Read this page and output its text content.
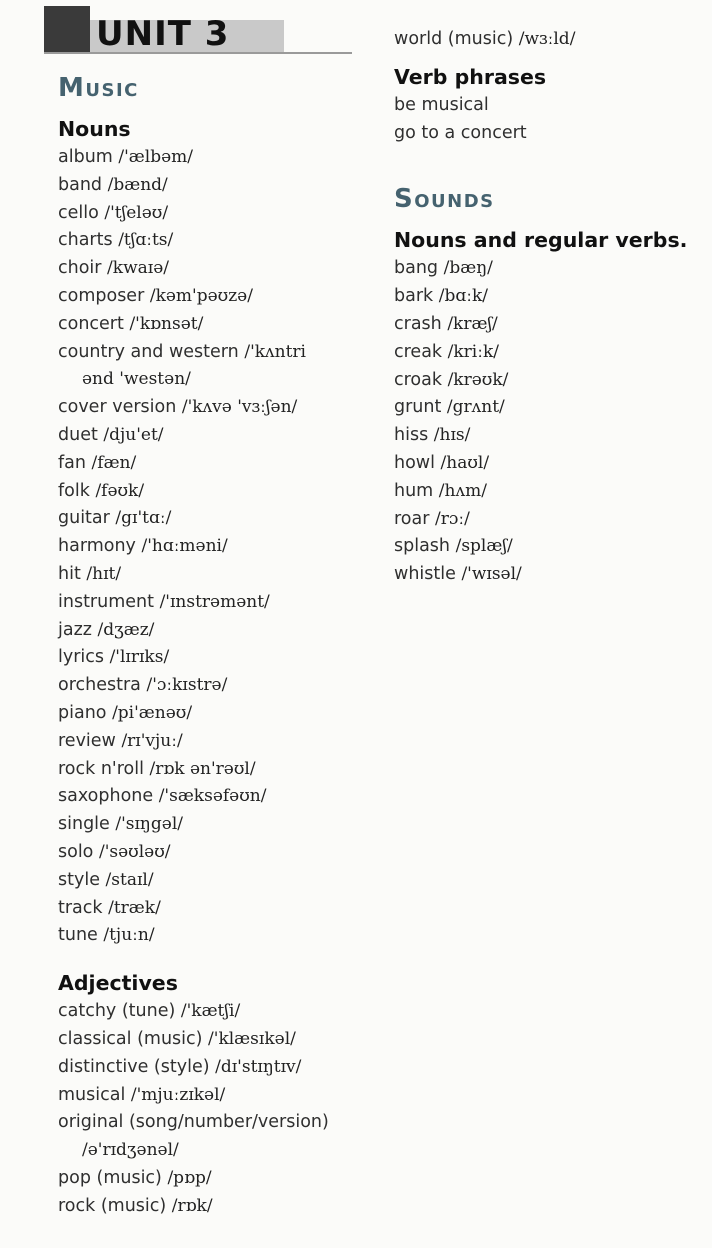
UNIT 3
Music
Nouns
album /'ælbəm/
band /bænd/
cello /'tʃeləʊ/
charts /tʃɑːts/
choir /kwaɪə/
composer /kəm'pəʊzə/
concert /'kɒnsət/
country and western /'kʌntri
ənd 'westən/
cover version /'kʌvə 'vɜːʃən/
duet /dju'et/
fan /fæn/
folk /fəʊk/
guitar /gɪ'tɑː/
harmony /'hɑːməni/
hit /hɪt/
instrument /'ɪnstrəmənt/
jazz /dʒæz/
lyrics /'lɪrɪks/
orchestra /'ɔːkɪstrə/
piano /pi'ænəʊ/
review /rɪ'vjuː/
rock n'roll /rɒk ən'rəʊl/
saxophone /'sæksəfəʊn/
single /'sɪŋgəl/
solo /'səʊləʊ/
style /staɪl/
track /træk/
tune /tjuːn/
Adjectives
catchy (tune) /'kætʃi/
classical (music) /'klæsɪkəl/
distinctive (style) /dɪ'stɪŋtɪv/
musical /'mjuːzɪkəl/
original (song/number/version)
/ə'rɪdʒənəl/
pop (music) /pɒp/
rock (music) /rɒk/
world (music) /wɜːld/
Verb phrases
be musical
go to a concert
Sounds
Nouns and regular verbs.
bang /bæŋ/
bark /bɑːk/
crash /kræʃ/
creak /kriːk/
croak /krəʊk/
grunt /grʌnt/
hiss /hɪs/
howl /haʊl/
hum /hʌm/
roar /rɔː/
splash /splæʃ/
whistle /'wɪsəl/
